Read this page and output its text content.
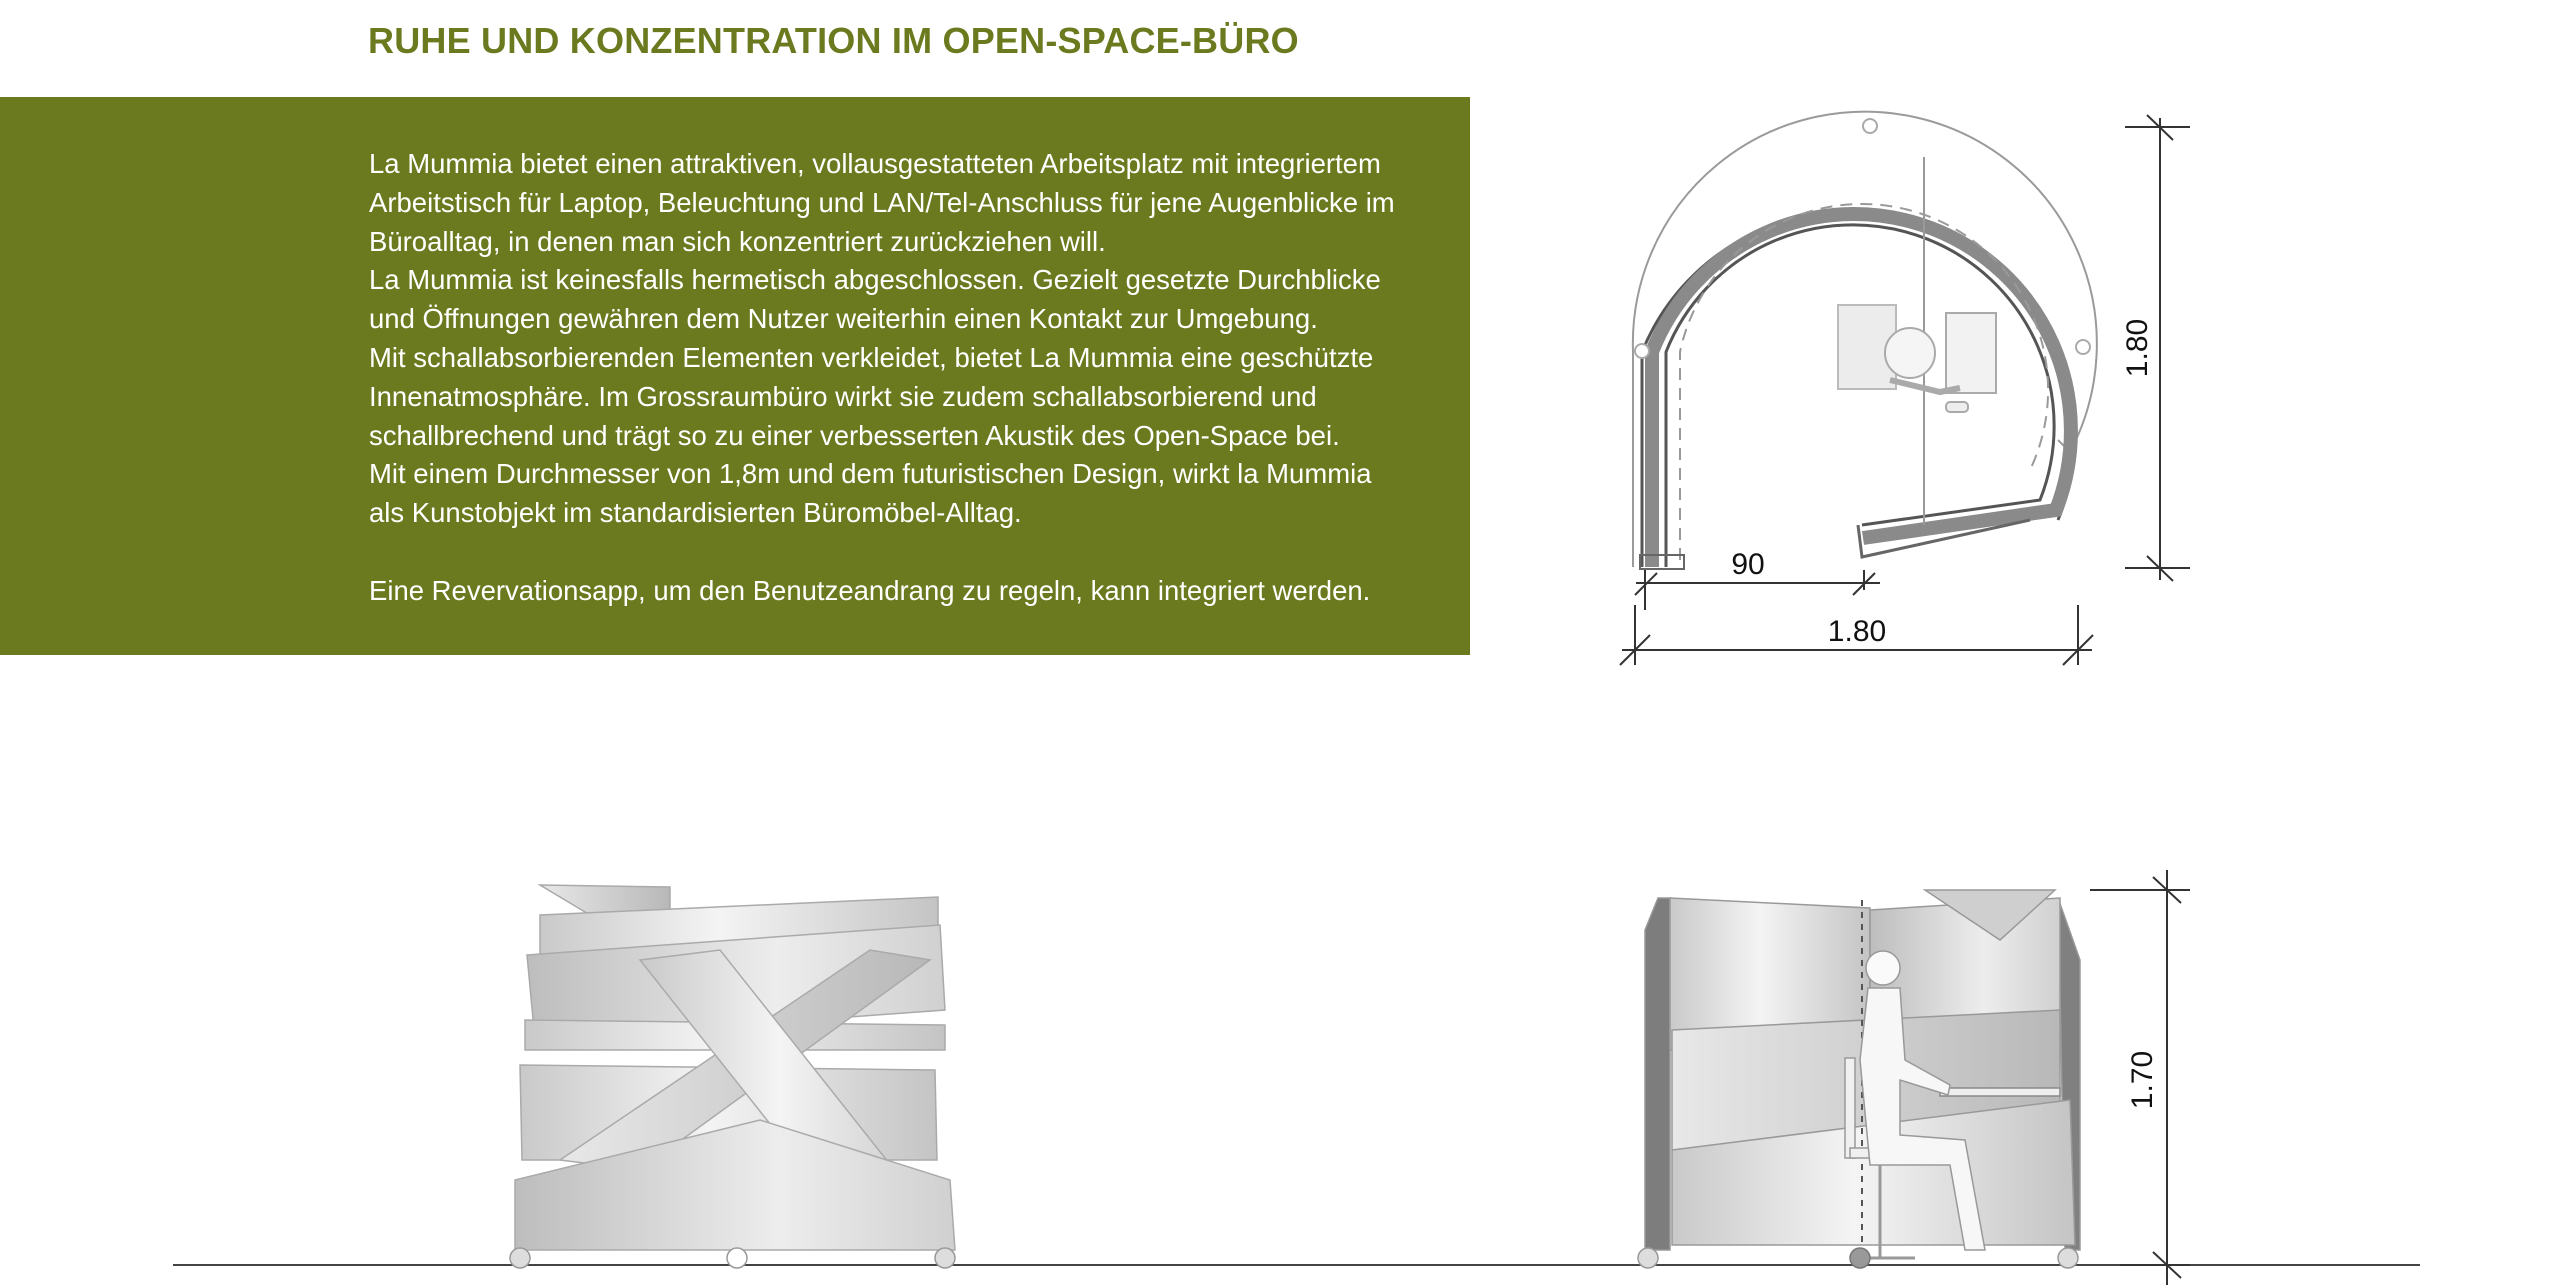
RUHE UND KONZENTRATION IM OPEN-SPACE-BÜRO

La Mummia bietet einen attraktiven, vollausgestatteten Arbeitsplatz mit integriertem

Arbeitstisch für Laptop, Beleuchtung und LAN/Tel-Anschluss für jene Augenblicke im

Büroalltag, in denen man sich konzentriert zurückziehen will.

La Mummia ist keinesfalls hermetisch abgeschlossen. Gezielt gesetzte Durchblicke

und Öffnungen gewähren dem Nutzer weiterhin einen Kontakt zur Umgebung.

Mit schallabsorbierenden Elementen verkleidet, bietet La Mummia eine geschützte

Innenatmosphäre. Im Grossraumbüro wirkt sie zudem schallabsorbierend und

schallbrechend und trägt so zu einer verbesserten Akustik des Open-Space bei.

Mit einem Durchmesser von 1,8m und dem futuristischen Design, wirkt la Mummia

als Kunstobjekt im standardisierten Büromöbel-Alltag.

Eine Revervationsapp, um den Benutzeandrang zu regeln, kann integriert werden.

1.80
90
1.80
1.70
